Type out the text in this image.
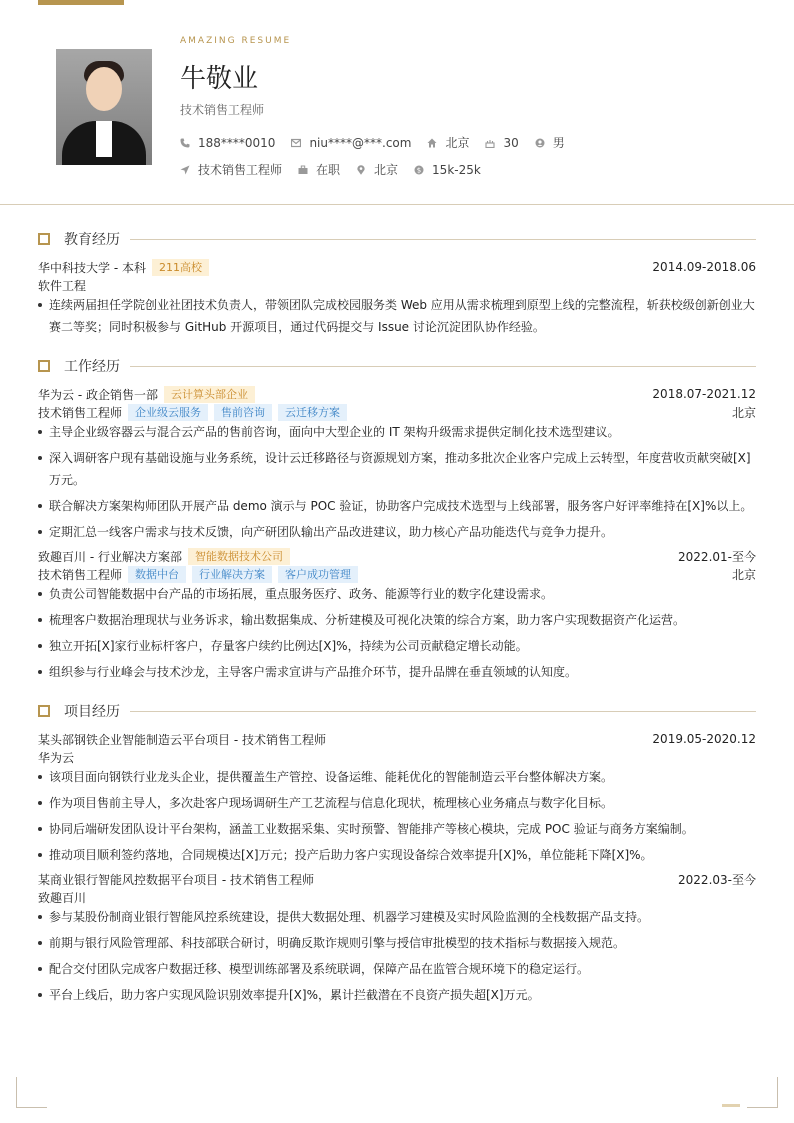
AMAZING RESUME
牛敬业
技术销售工程师
188****0010	niu****@***.com	北京	30	男
技术销售工程师	在职	北京	$ 15k-25k
教育经历
华中科技大学 - 本科	211高校	2014.09-2018.06
软件工程
连续两届担任学院创业社团技术负责人，带领团队完成校园服务类 Web 应用从需求梳理到原型上线的完整流程，斩获校级创新创业大
赛二等奖；同时积极参与 GitHub 开源项目，通过代码提交与 Issue 讨论沉淀团队协作经验。
工作经历
华为云 - 政企销售一部	云计算头部企业	2018.07-2021.12
技术销售工程师	企业级云服务	售前咨询	云迁移方案	北京
主导企业级容器云与混合云产品的售前咨询，面向中大型企业的 IT 架构升级需求提供定制化技术选型建议。
深入调研客户现有基础设施与业务系统，设计云迁移路径与资源规划方案，推动多批次企业客户完成上云转型，年度营收贡献突破[X]
万元。
联合解决方案架构师团队开展产品 demo 演示与 POC 验证，协助客户完成技术选型与上线部署，服务客户好评率维持在[X]%以上。
定期汇总一线客户需求与技术反馈，向产研团队输出产品改进建议，助力核心产品功能迭代与竞争力提升。
致趣百川 - 行业解决方案部	智能数据技术公司	2022.01-至今
技术销售工程师	数据中台	行业解决方案	客户成功管理	北京
负责公司智能数据中台产品的市场拓展，重点服务医疗、政务、能源等行业的数字化建设需求。
梳理客户数据治理现状与业务诉求，输出数据集成、分析建模及可视化决策的综合方案，助力客户实现数据资产化运营。
独立开拓[X]家行业标杆客户，存量客户续约比例达[X]%，持续为公司贡献稳定增长动能。
组织参与行业峰会与技术沙龙，主导客户需求宣讲与产品推介环节，提升品牌在垂直领域的认知度。
项目经历
某头部钢铁企业智能制造云平台项目 - 技术销售工程师	2019.05-2020.12
华为云
该项目面向钢铁行业龙头企业，提供覆盖生产管控、设备运维、能耗优化的智能制造云平台整体解决方案。
作为项目售前主导人，多次赴客户现场调研生产工艺流程与信息化现状，梳理核心业务痛点与数字化目标。
协同后端研发团队设计平台架构，涵盖工业数据采集、实时预警、智能排产等核心模块，完成 POC 验证与商务方案编制。
推动项目顺利签约落地，合同规模达[X]万元；投产后助力客户实现设备综合效率提升[X]%，单位能耗下降[X]%。
某商业银行智能风控数据平台项目 - 技术销售工程师	2022.03-至今
致趣百川
参与某股份制商业银行智能风控系统建设，提供大数据处理、机器学习建模及实时风险监测的全栈数据产品支持。
前期与银行风险管理部、科技部联合研讨，明确反欺诈规则引擎与授信审批模型的技术指标与数据接入规范。
配合交付团队完成客户数据迁移、模型训练部署及系统联调，保障产品在监管合规环境下的稳定运行。
平台上线后，助力客户实现风险识别效率提升[X]%，累计拦截潜在不良资产损失超[X]万元。
